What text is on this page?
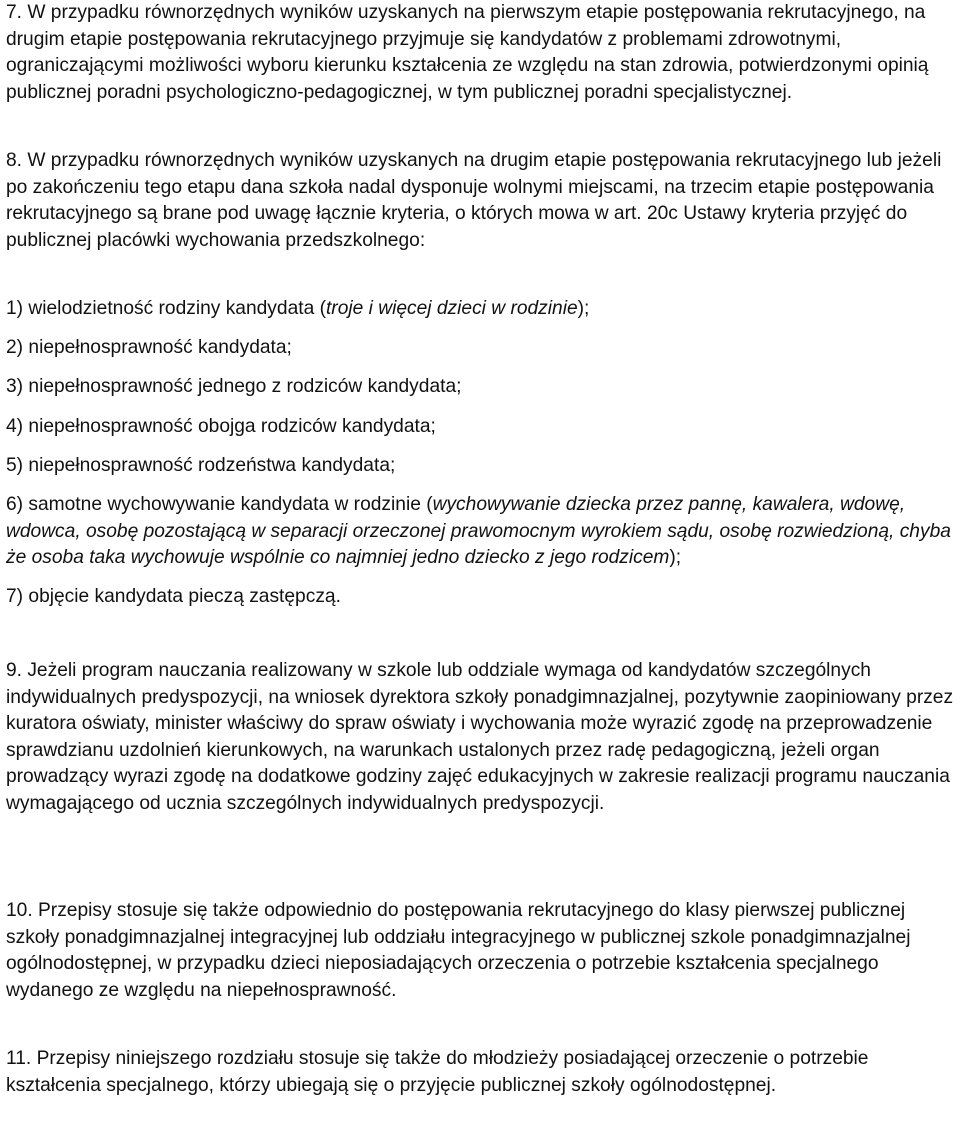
7. W przypadku równorzędnych wyników uzyskanych na pierwszym etapie postępowania rekrutacyjnego, na drugim etapie postępowania rekrutacyjnego przyjmuje się kandydatów z problemami zdrowotnymi, ograniczającymi możliwości wyboru kierunku kształcenia ze względu na stan zdrowia, potwierdzonymi opinią publicznej poradni psychologiczno-pedagogicznej, w tym publicznej poradni specjalistycznej.

8. W przypadku równorzędnych wyników uzyskanych na drugim etapie postępowania rekrutacyjnego lub jeżeli po zakończeniu tego etapu dana szkoła nadal dysponuje wolnymi miejscami, na trzecim etapie postępowania rekrutacyjnego są brane pod uwagę łącznie kryteria, o których mowa w art. 20c Ustawy kryteria przyjęć do publicznej placówki wychowania przedszkolnego:

1) wielodzietność rodziny kandydata (troje i więcej dzieci w rodzinie);
2) niepełnosprawność kandydata;
3) niepełnosprawność jednego z rodziców kandydata;
4) niepełnosprawność obojga rodziców kandydata;
5) niepełnosprawność rodzeństwa kandydata;
6) samotne wychowywanie kandydata w rodzinie (wychowywanie dziecka przez pannę, kawalera, wdowę, wdowca, osobę pozostającą w separacji orzeczonej prawomocnym wyrokiem sądu, osobę rozwiedzioną, chyba że osoba taka wychowuje wspólnie co najmniej jedno dziecko z jego rodzicem);
7) objęcie kandydata pieczą zastępczą.

9. Jeżeli program nauczania realizowany w szkole lub oddziale wymaga od kandydatów szczególnych indywidualnych predyspozycji, na wniosek dyrektora szkoły ponadgimnazjalnej, pozytywnie zaopiniowany przez kuratora oświaty, minister właściwy do spraw oświaty i wychowania może wyrazić zgodę na przeprowadzenie sprawdzianu uzdolnień kierunkowych, na warunkach ustalonych przez radę pedagogiczną, jeżeli organ prowadzący wyrazi zgodę na dodatkowe godziny zajęć edukacyjnych w zakresie realizacji programu nauczania wymagającego od ucznia szczególnych indywidualnych predyspozycji.

10. Przepisy stosuje się także odpowiednio do postępowania rekrutacyjnego do klasy pierwszej publicznej szkoły ponadgimnazjalnej integracyjnej lub oddziału integracyjnego w publicznej szkole ponadgimnazjalnej ogólnodostępnej, w przypadku dzieci nieposiadających orzeczenia o potrzebie kształcenia specjalnego wydanego ze względu na niepełnosprawność.

11. Przepisy niniejszego rozdziału stosuje się także do młodzieży posiadającej orzeczenie o potrzebie kształcenia specjalnego, którzy ubiegają się o przyjęcie publicznej szkoły ogólnodostępnej.
